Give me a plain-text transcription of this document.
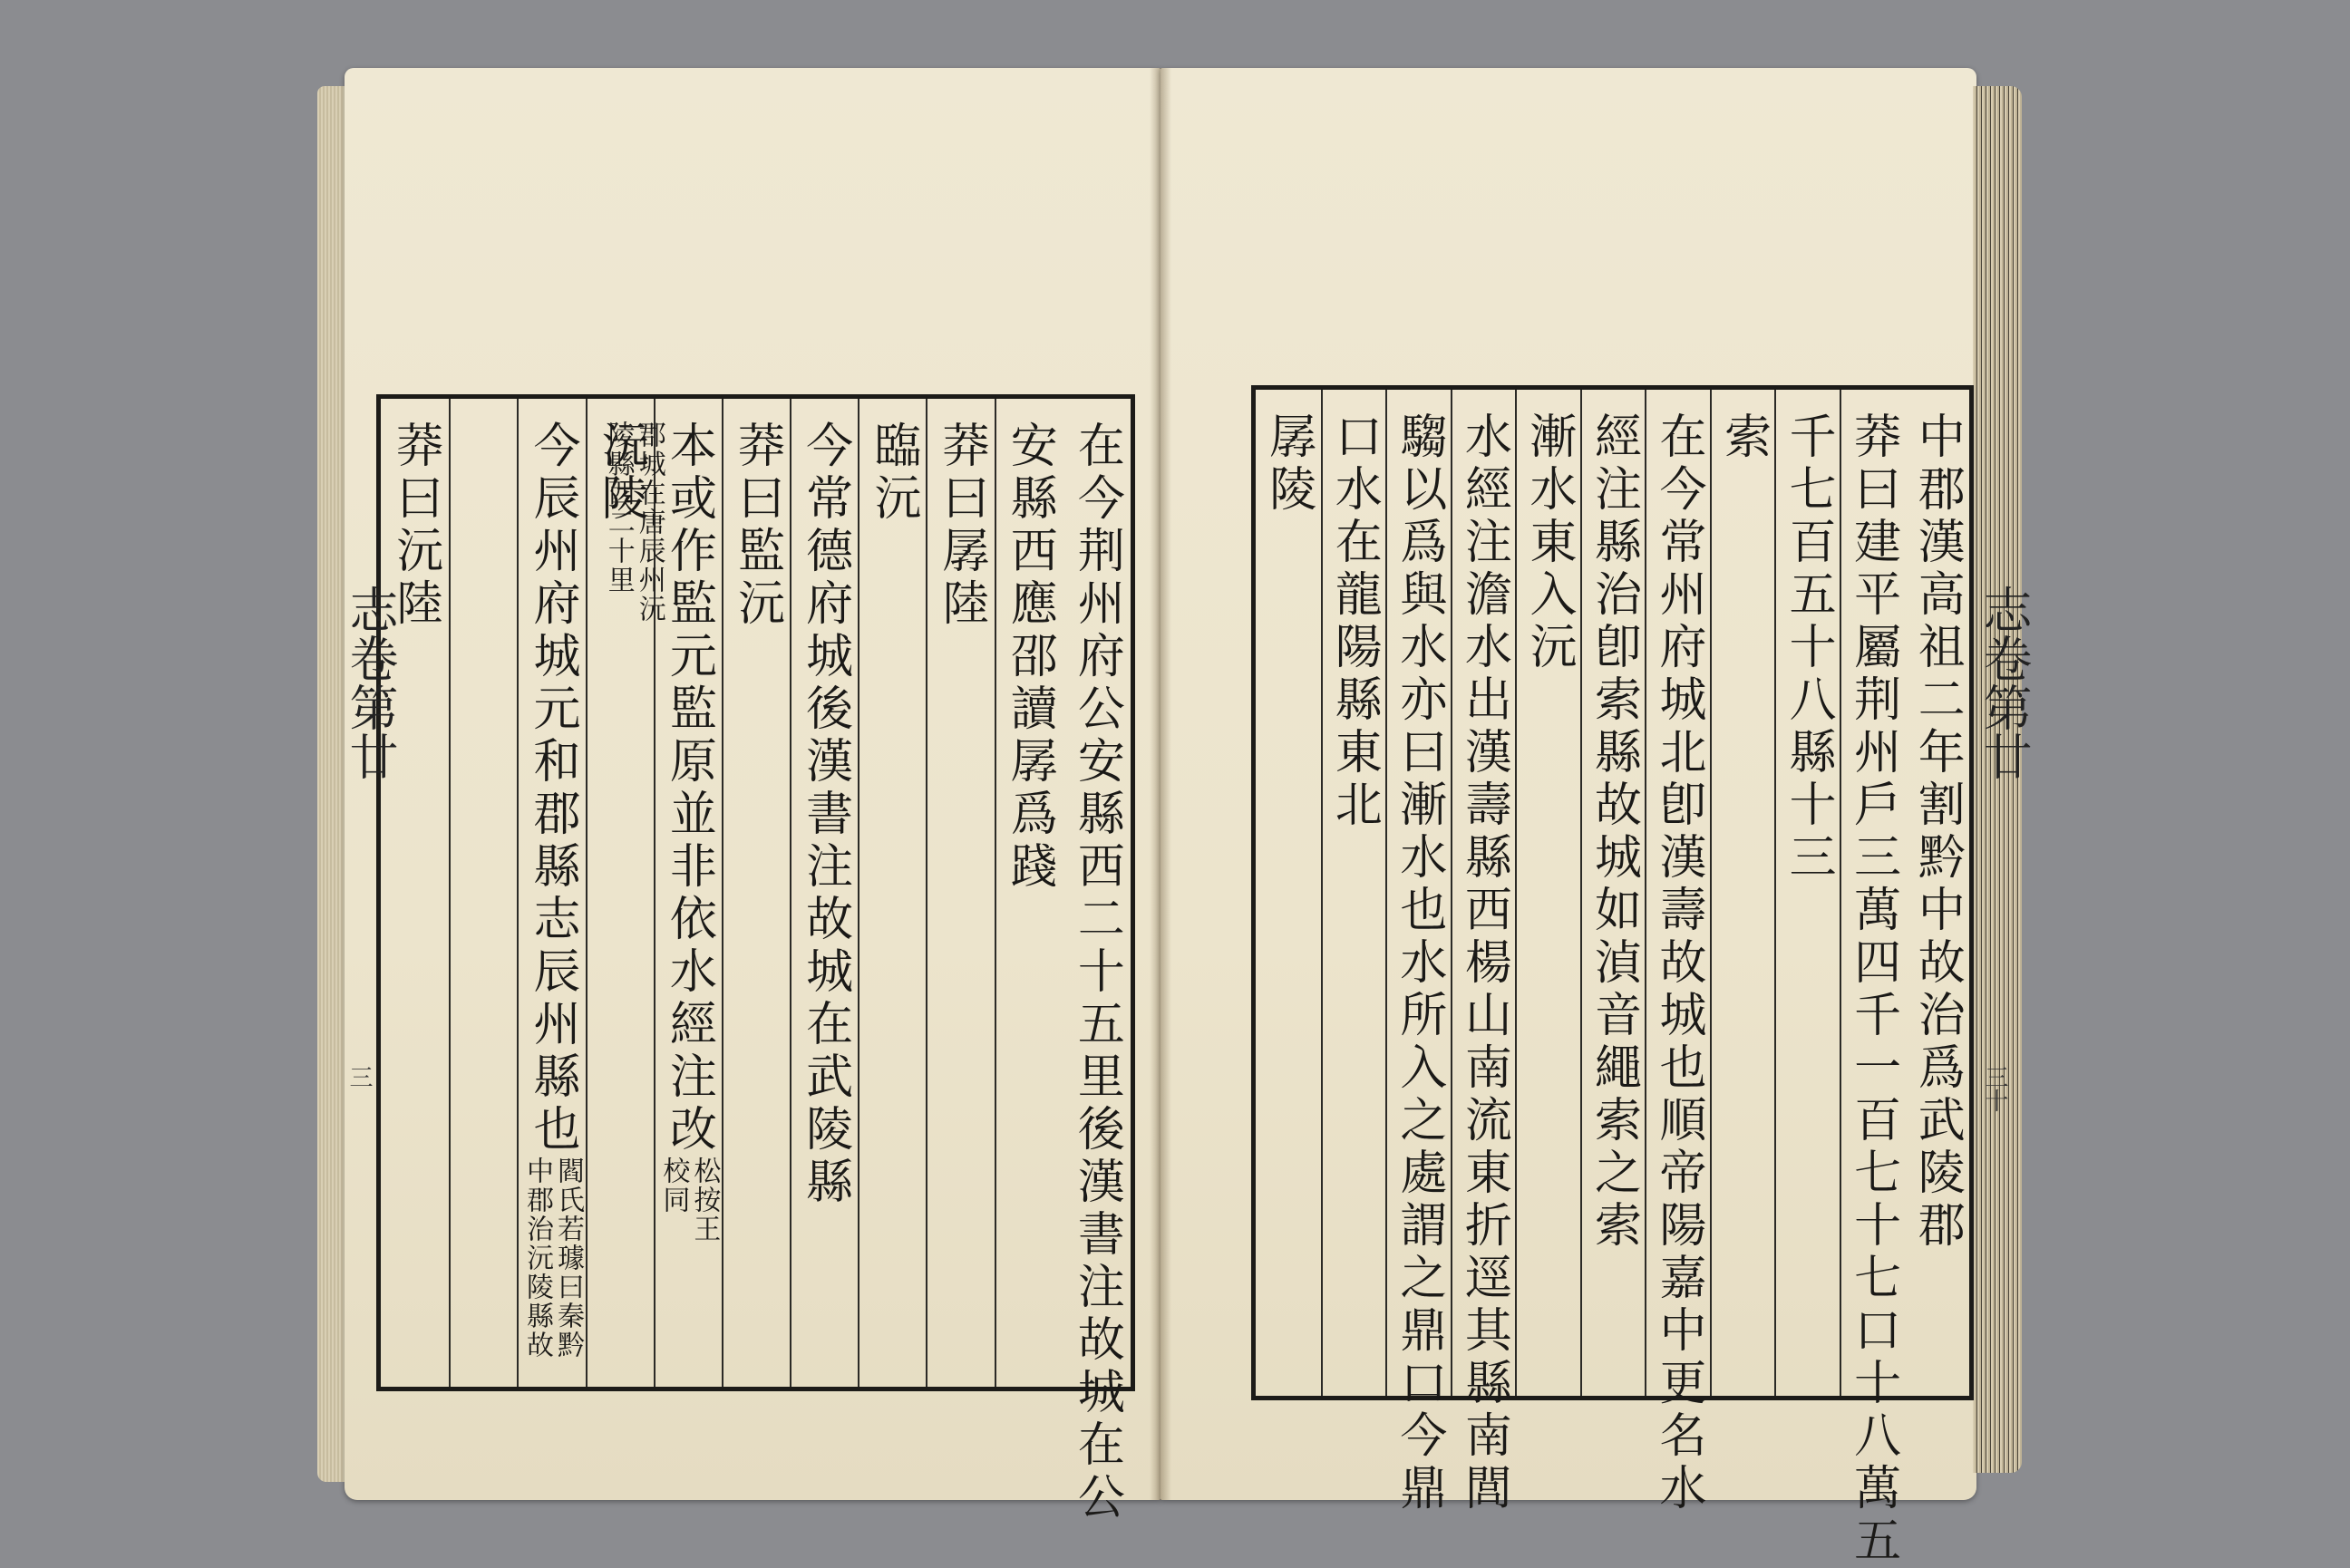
在今荆州府公安縣西二十五里後漢書注故城在公
安縣西應邵讀孱爲踐
莽曰孱陸
臨沅
今常德府城後漢書注故城在武陵縣
莽曰監沅
本或作監元監原並非依水經注改
松按王
校同
沅陵
今辰州府城元和郡縣志辰州縣也
閻氏若璩曰秦黔
中郡治沅陵縣故
郡城在唐辰州沅
陵縣西二十里
莽曰沅陸
志卷第廿
三	中郡漢高祖二年割黔中故治爲武陵郡
莽曰建平屬荆州戶三萬四千一百七十七口十八萬五
千七百五十八縣十三
索
在今常州府城北卽漢壽故城也順帝陽嘉中更名水
經注縣治卽索縣故城如湞音繩索之索
漸水東入沅
水經注澹水出漢壽縣西楊山南流東折逕其縣南閭
騶以爲與水亦曰漸水也水所入之處謂之鼎口今鼎
口水在龍陽縣東北
孱陵
志卷第廿
三十
